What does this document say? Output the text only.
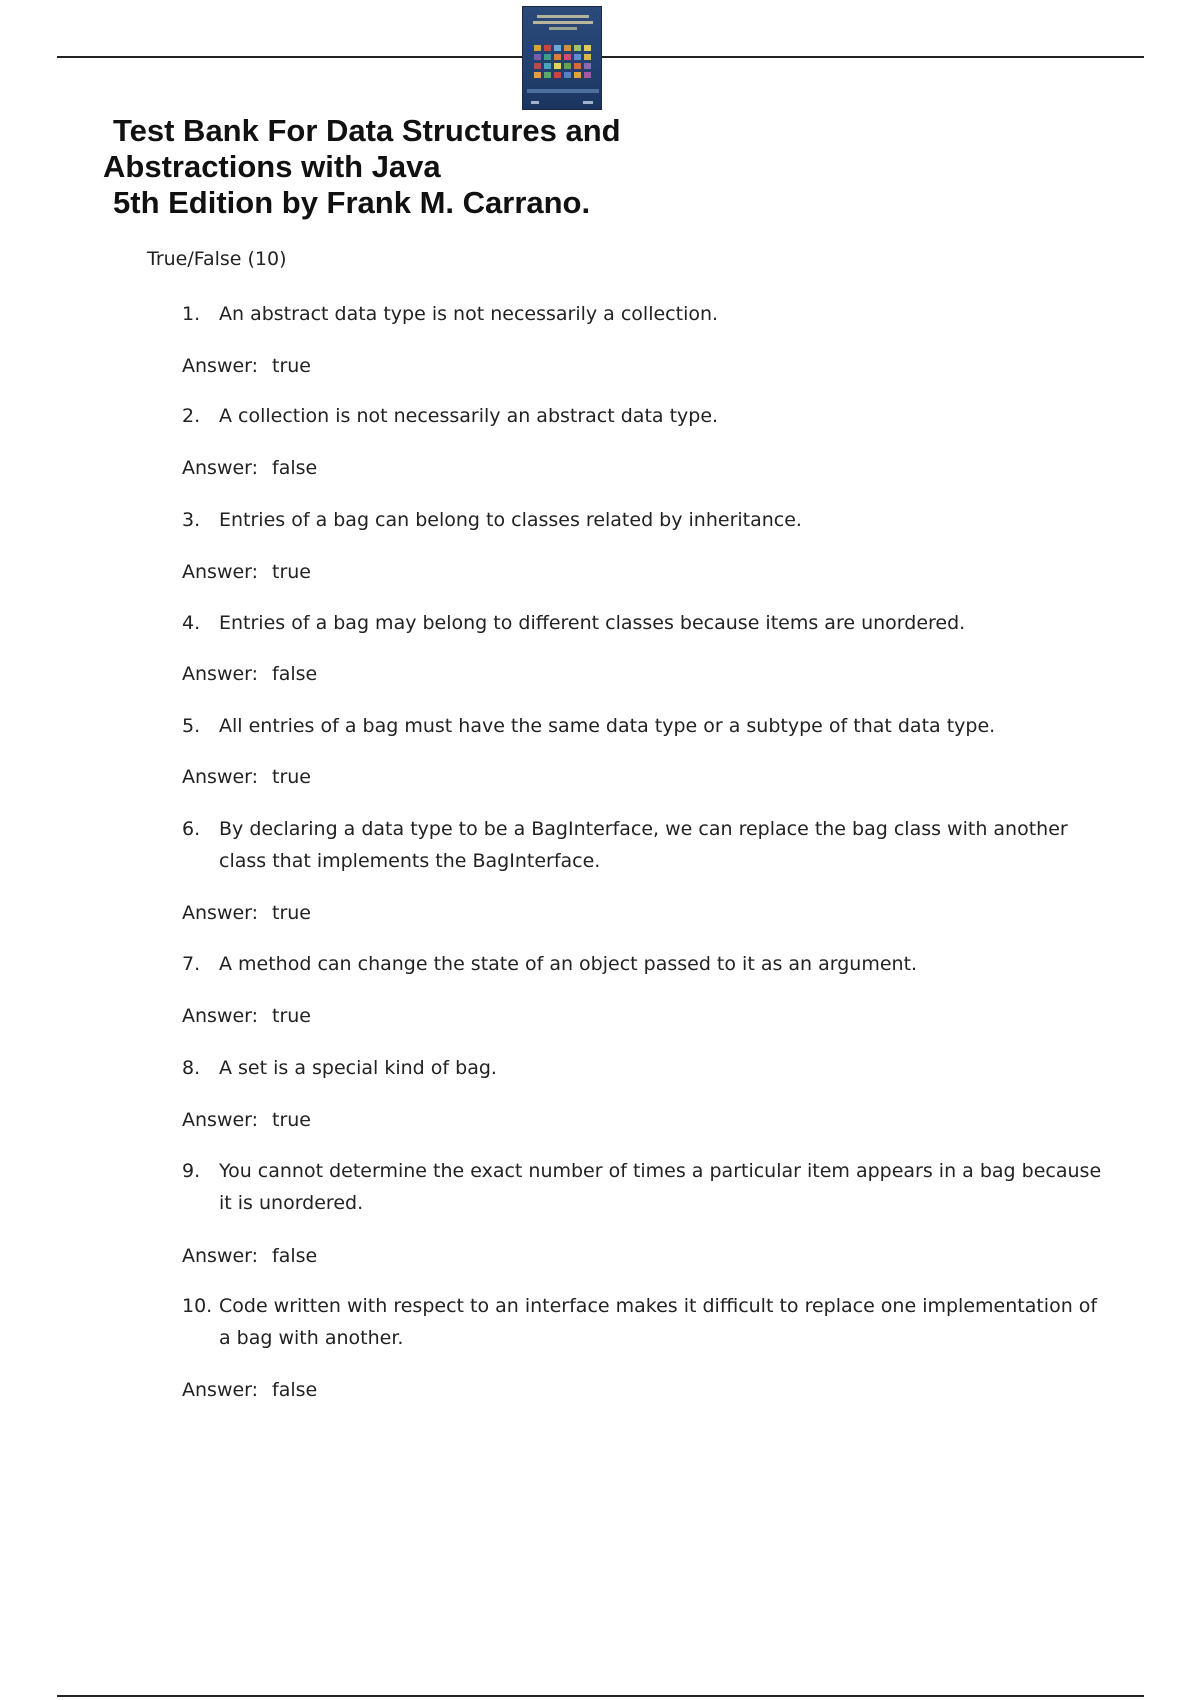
Test Bank For Data Structures and
Abstractions with Java
5th Edition by Frank M. Carrano.
True/False (10)
1. An abstract data type is not necessarily a collection.
Answer: true
2. A collection is not necessarily an abstract data type.
Answer: false
3. Entries of a bag can belong to classes related by inheritance.
Answer: true
4. Entries of a bag may belong to different classes because items are unordered.
Answer: false
5. All entries of a bag must have the same data type or a subtype of that data type.
Answer: true
6. By declaring a data type to be a BagInterface, we can replace the bag class with another class that implements the BagInterface.
Answer: true
7. A method can change the state of an object passed to it as an argument.
Answer: true
8. A set is a special kind of bag.
Answer: true
9. You cannot determine the exact number of times a particular item appears in a bag because it is unordered.
Answer: false
10. Code written with respect to an interface makes it difficult to replace one implementation of a bag with another.
Answer: false
